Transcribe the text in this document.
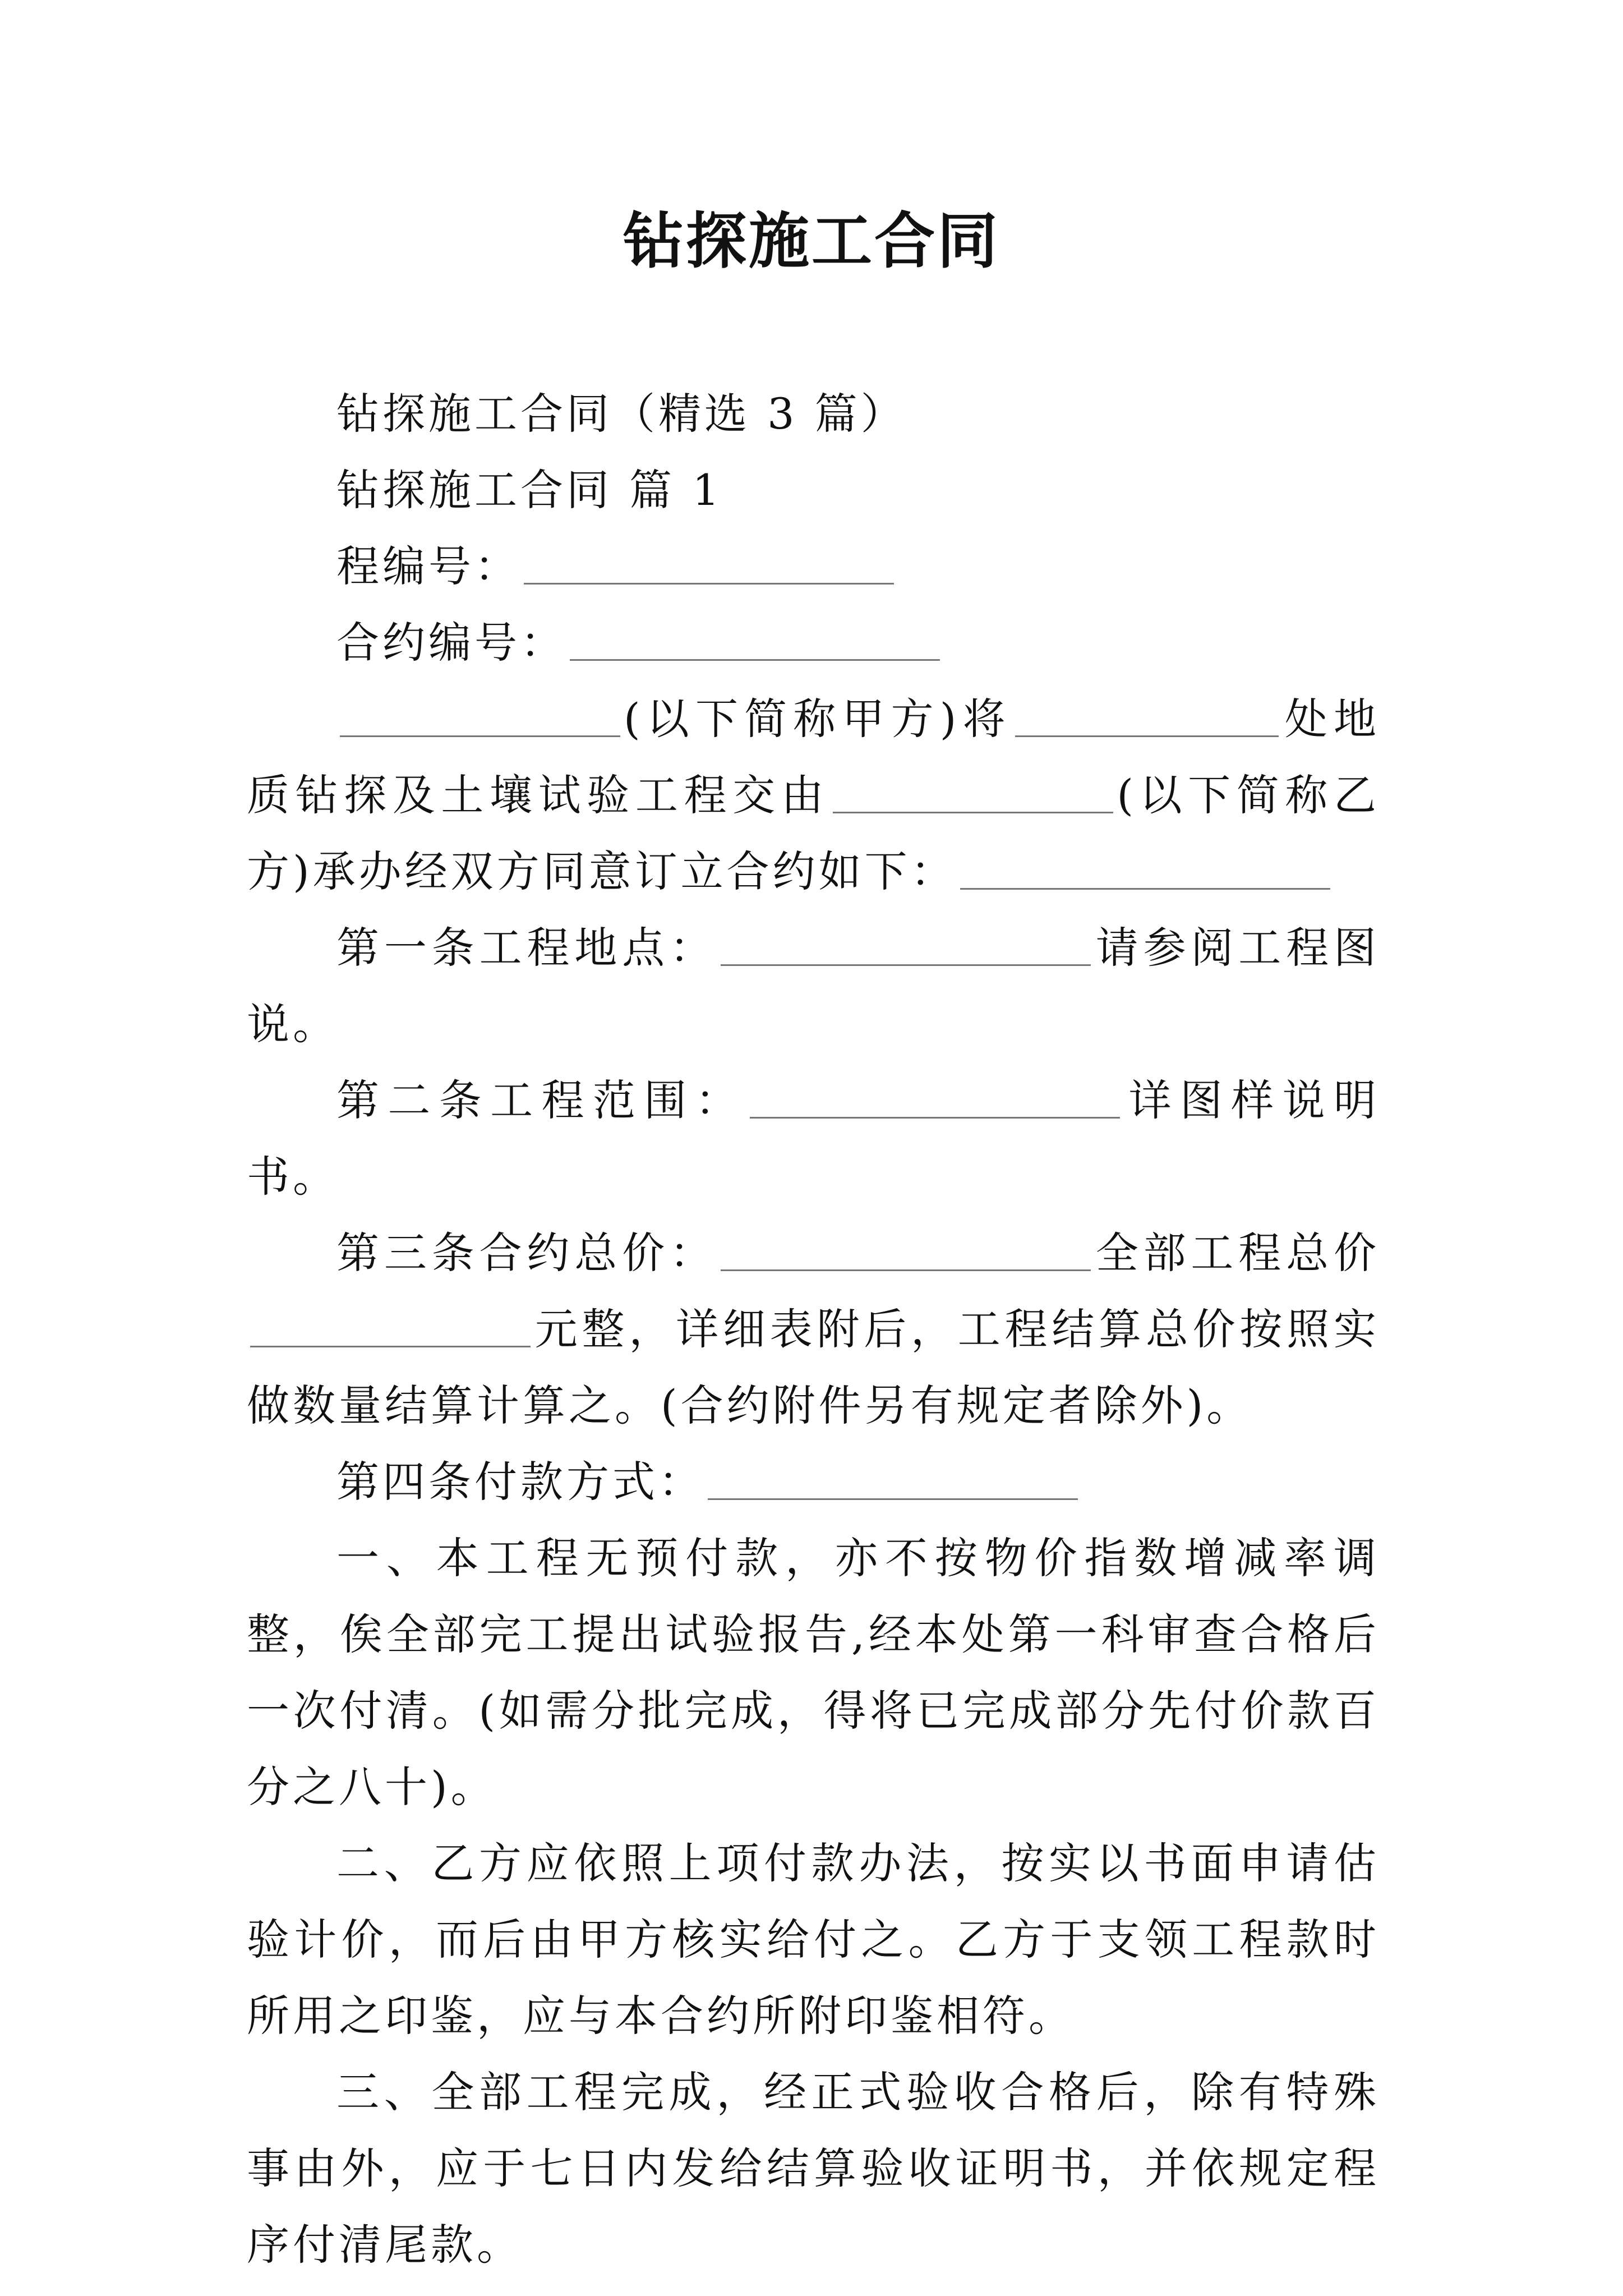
钻探施工合同

钻探施工合同（精选 3 篇）

钻探施工合同 篇 1

程编号：

合约编号：

(以下简称甲方)将	处地质钻探及土壤试验工程交由	(以下简称乙方)承办经双方同意订立合约如下：

第一条工程地点：	请参阅工程图说。

第二条工程范围：	详图样说明书。

第三条合约总价：	全部工程总价元整，详细表附后，工程结算总价按照实做数量结算计算之。(合约附件另有规定者除外)。

第四条付款方式：

一、本工程无预付款，亦不按物价指数增减率调整，俟全部完工提出试验报告,经本处第一科审查合格后一次付清。(如需分批完成，得将已完成部分先付价款百分之八十)。

二、乙方应依照上项付款办法，按实以书面申请估验计价，而后由甲方核实给付之。乙方于支领工程款时所用之印鉴，应与本合约所附印鉴相符。

三、全部工程完成，经正式验收合格后，除有特殊事由外，应于七日内发给结算验收证明书，并依规定程序付清尾款。
